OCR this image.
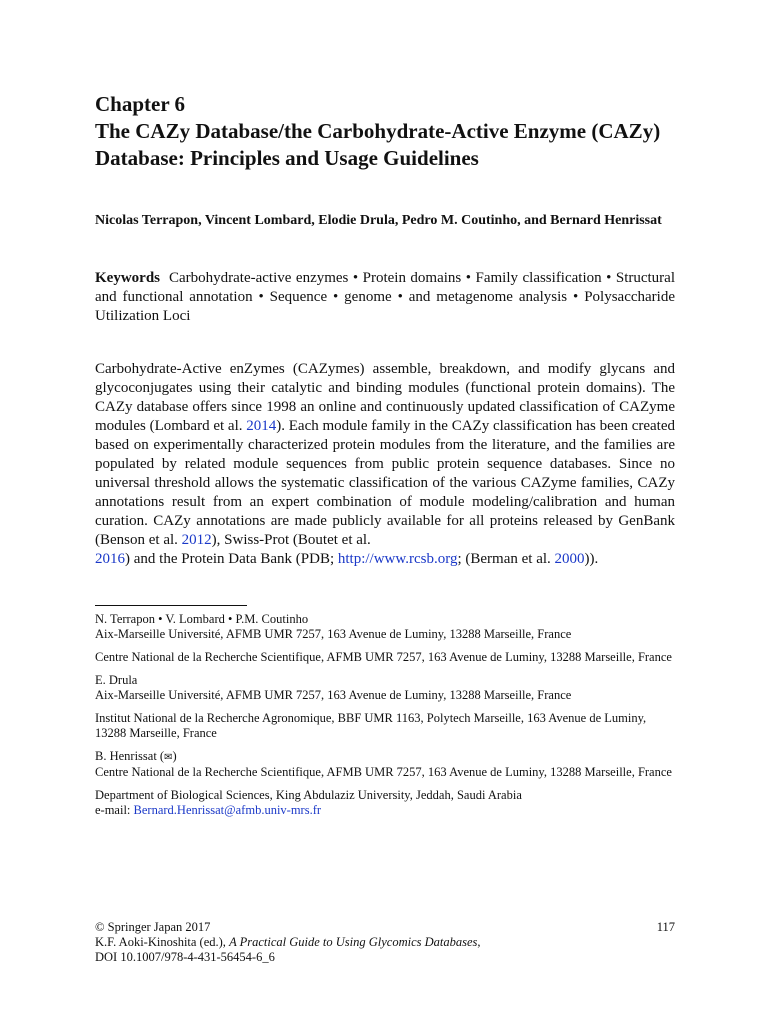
Chapter 6

The CAZy Database/the Carbohydrate-Active Enzyme (CAZy) Database: Principles and Usage Guidelines

Nicolas Terrapon, Vincent Lombard, Elodie Drula, Pedro M. Coutinho, and Bernard Henrissat

Keywords Carbohydrate-active enzymes • Protein domains • Family classification • Structural and functional annotation • Sequence • genome • and metagenome analysis • Polysaccharide Utilization Loci

Carbohydrate-Active enZymes (CAZymes) assemble, breakdown, and modify glycans and glycoconjugates using their catalytic and binding modules (functional protein domains). The CAZy database offers since 1998 an online and continuously updated classification of CAZyme modules (Lombard et al. 2014). Each module family in the CAZy classification has been created based on experimentally characterized protein modules from the literature, and the families are populated by related module sequences from public protein sequence databases. Since no universal threshold allows the systematic classification of the various CAZyme families, CAZy annotations result from an expert combination of module modeling/calibration and human curation. CAZy annotations are made publicly available for all proteins released by GenBank (Benson et al. 2012), Swiss-Prot (Boutet et al.
2016) and the Protein Data Bank (PDB; http://www.rcsb.org; (Berman et al. 2000)).

N. Terrapon • V. Lombard • P.M. Coutinho
Aix-Marseille Université, AFMB UMR 7257, 163 Avenue de Luminy, 13288 Marseille, France
Centre National de la Recherche Scientifique, AFMB UMR 7257, 163 Avenue de Luminy, 13288 Marseille, France
E. Drula
Aix-Marseille Université, AFMB UMR 7257, 163 Avenue de Luminy, 13288 Marseille, France
Institut National de la Recherche Agronomique, BBF UMR 1163, Polytech Marseille, 163 Avenue de Luminy, 13288 Marseille, France
B. Henrissat (✉)
Centre National de la Recherche Scientifique, AFMB UMR 7257, 163 Avenue de Luminy, 13288 Marseille, France
Department of Biological Sciences, King Abdulaziz University, Jeddah, Saudi Arabia
e-mail: Bernard.Henrissat@afmb.univ-mrs.fr
© Springer Japan 2017	117
K.F. Aoki-Kinoshita (ed.), A Practical Guide to Using Glycomics Databases,
DOI 10.1007/978-4-431-56454-6_6
